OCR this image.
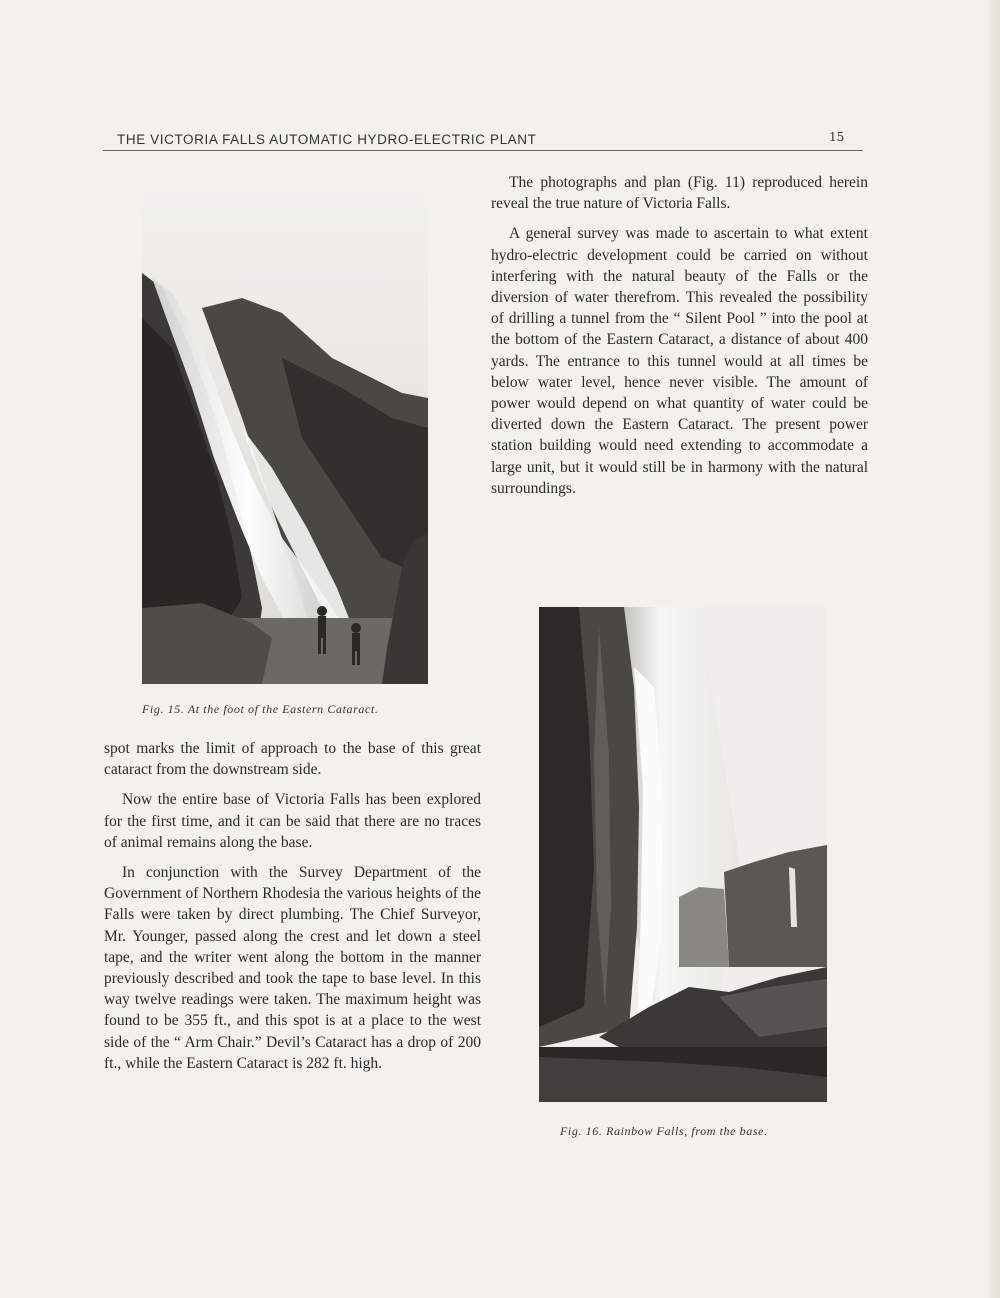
THE VICTORIA FALLS AUTOMATIC HYDRO-ELECTRIC PLANT	15
Fig. 15. At the foot of the Eastern Cataract.

The photographs and plan (Fig. 11) reproduced herein reveal the true nature of Victoria Falls.

A general survey was made to ascertain to what extent hydro-electric development could be carried on without interfering with the natural beauty of the Falls or the diversion of water therefrom. This revealed the possibility of drilling a tunnel from the “ Silent Pool ” into the pool at the bottom of the Eastern Cataract, a distance of about 400 yards. The entrance to this tunnel would at all times be below water level, hence never visible. The amount of power would depend on what quantity of water could be diverted down the Eastern Cataract. The present power station building would need extending to accommodate a large unit, but it would still be in harmony with the natural surroundings.

spot marks the limit of approach to the base of this great cataract from the downstream side.

Now the entire base of Victoria Falls has been explored for the first time, and it can be said that there are no traces of animal remains along the base.

In conjunction with the Survey Department of the Government of Northern Rhodesia the various heights of the Falls were taken by direct plumbing. The Chief Surveyor, Mr. Younger, passed along the crest and let down a steel tape, and the writer went along the bottom in the manner previously described and took the tape to base level. In this way twelve readings were taken. The maximum height was found to be 355 ft., and this spot is at a place to the west side of the “ Arm Chair.” Devil’s Cataract has a drop of 200 ft., while the Eastern Cataract is 282 ft. high.

Fig. 16. Rainbow Falls, from the base.
